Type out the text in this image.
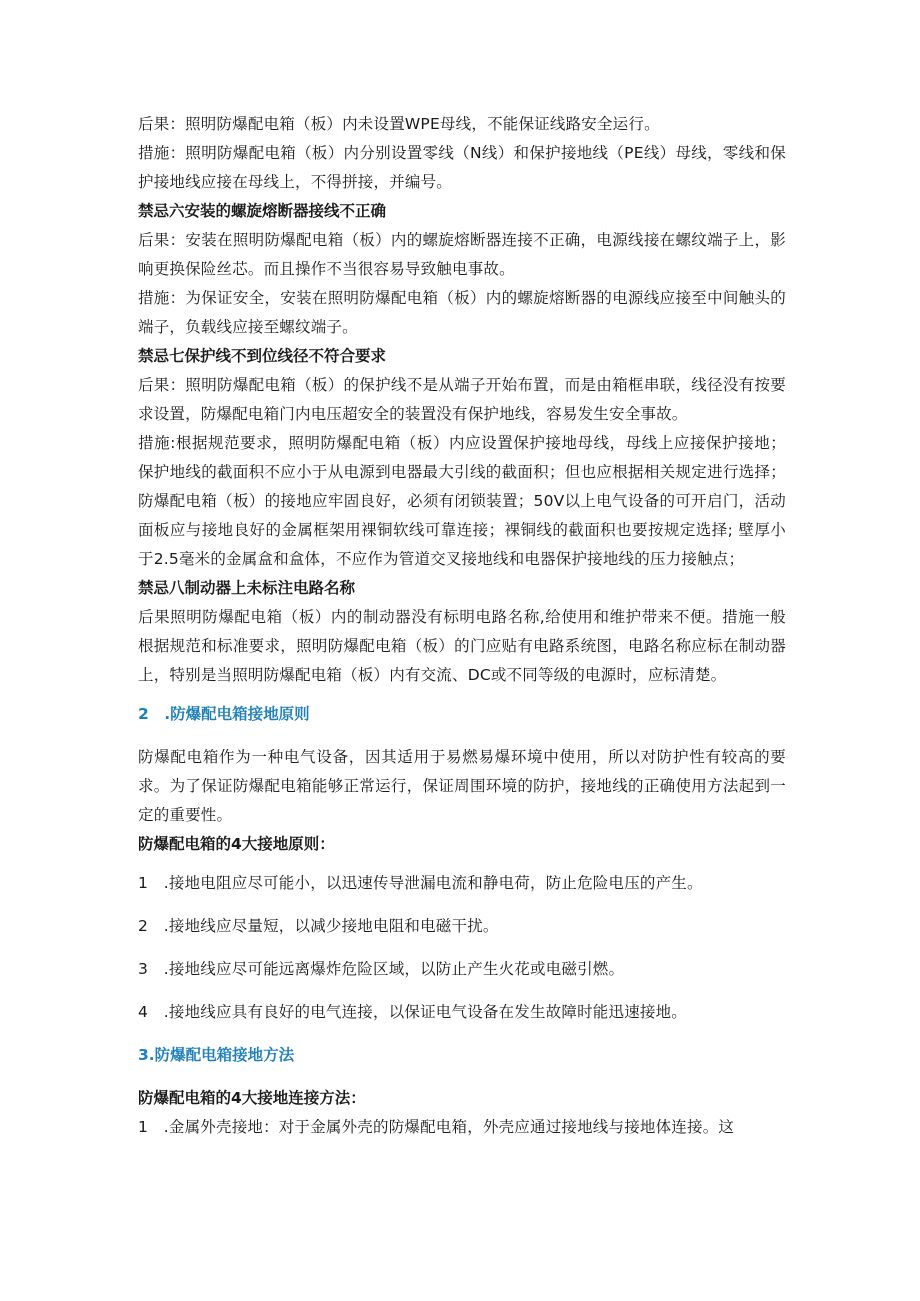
后果：照明防爆配电箱（板）内未设置WPE母线，不能保证线路安全运行。
措施：照明防爆配电箱（板）内分别设置零线（N线）和保护接地线（PE线）母线，零线和保护接地线应接在母线上，不得拼接，并编号。
禁忌六安装的螺旋熔断器接线不正确
后果：安装在照明防爆配电箱（板）内的螺旋熔断器连接不正确，电源线接在螺纹端子上，影响更换保险丝芯。而且操作不当很容易导致触电事故。
措施：为保证安全，安装在照明防爆配电箱（板）内的螺旋熔断器的电源线应接至中间触头的端子，负载线应接至螺纹端子。
禁忌七保护线不到位线径不符合要求
后果：照明防爆配电箱（板）的保护线不是从端子开始布置，而是由箱框串联，线径没有按要求设置，防爆配电箱门内电压超安全的装置没有保护地线，容易发生安全事故。
措施:根据规范要求，照明防爆配电箱（板）内应设置保护接地母线，母线上应接保护接地；保护地线的截面积不应小于从电源到电器最大引线的截面积；但也应根据相关规定进行选择；防爆配电箱（板）的接地应牢固良好，必须有闭锁装置；50V以上电气设备的可开启门，活动面板应与接地良好的金属框架用裸铜软线可靠连接；裸铜线的截面积也要按规定选择; 壁厚小于2.5毫米的金属盒和盒体，不应作为管道交叉接地线和电器保护接地线的压力接触点；
禁忌八制动器上未标注电路名称
后果照明防爆配电箱（板）内的制动器没有标明电路名称,给使用和维护带来不便。措施一般根据规范和标准要求，照明防爆配电箱（板）的门应贴有电路系统图，电路名称应标在制动器上，特别是当照明防爆配电箱（板）内有交流、DC或不同等级的电源时，应标清楚。
2　.防爆配电箱接地原则
防爆配电箱作为一种电气设备，因其适用于易燃易爆环境中使用，所以对防护性有较高的要求。为了保证防爆配电箱能够正常运行，保证周围环境的防护，接地线的正确使用方法起到一定的重要性。
防爆配电箱的4大接地原则：
1　.接地电阻应尽可能小，以迅速传导泄漏电流和静电荷，防止危险电压的产生。
2　.接地线应尽量短，以减少接地电阻和电磁干扰。
3　.接地线应尽可能远离爆炸危险区域，以防止产生火花或电磁引燃。
4　.接地线应具有良好的电气连接，以保证电气设备在发生故障时能迅速接地。
3.防爆配电箱接地方法
防爆配电箱的4大接地连接方法：
1　.金属外壳接地：对于金属外壳的防爆配电箱，外壳应通过接地线与接地体连接。这
